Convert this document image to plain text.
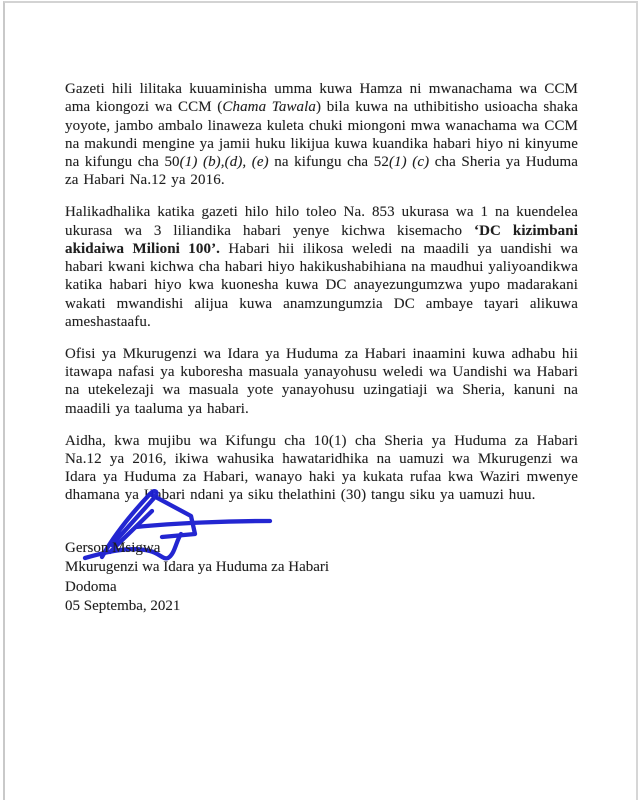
Gazeti hili lilitaka kuuaminisha umma kuwa Hamza ni mwanachama wa CCM ama kiongozi wa CCM (Chama Tawala) bila kuwa na uthibitisho usioacha shaka yoyote, jambo ambalo linaweza kuleta chuki miongoni mwa wanachama wa CCM na makundi mengine ya jamii huku likijua kuwa kuandika habari hiyo ni kinyume na kifungu cha 50(1) (b),(d), (e) na kifungu cha 52(1) (c) cha Sheria ya Huduma za Habari Na.12 ya 2016.

Halikadhalika katika gazeti hilo hilo toleo Na. 853 ukurasa wa 1 na kuendelea ukurasa wa 3 liliandika habari yenye kichwa kisemacho ‘DC kizimbani akidaiwa Milioni 100’. Habari hii ilikosa weledi na maadili ya uandishi wa habari kwani kichwa cha habari hiyo hakikushabihiana na maudhui yaliyoandikwa katika habari hiyo kwa kuonesha kuwa DC anayezungumzwa yupo madarakani wakati mwandishi alijua kuwa anamzungumzia DC ambaye tayari alikuwa ameshastaafu.

Ofisi ya Mkurugenzi wa Idara ya Huduma za Habari inaamini kuwa adhabu hii itawapa nafasi ya kuboresha masuala yanayohusu weledi wa Uandishi wa Habari na utekelezaji wa masuala yote yanayohusu uzingatiaji wa Sheria, kanuni na maadili ya taaluma ya habari.

Aidha, kwa mujibu wa Kifungu cha 10(1) cha Sheria ya Huduma za Habari Na.12 ya 2016, ikiwa wahusika hawataridhika na uamuzi wa Mkurugenzi wa Idara ya Huduma za Habari, wanayo haki ya kukata rufaa kwa Waziri mwenye dhamana ya Habari ndani ya siku thelathini (30) tangu siku ya uamuzi huu.

Gerson Msigwa
Mkurugenzi wa Idara ya Huduma za Habari
Dodoma
05 Septemba, 2021
